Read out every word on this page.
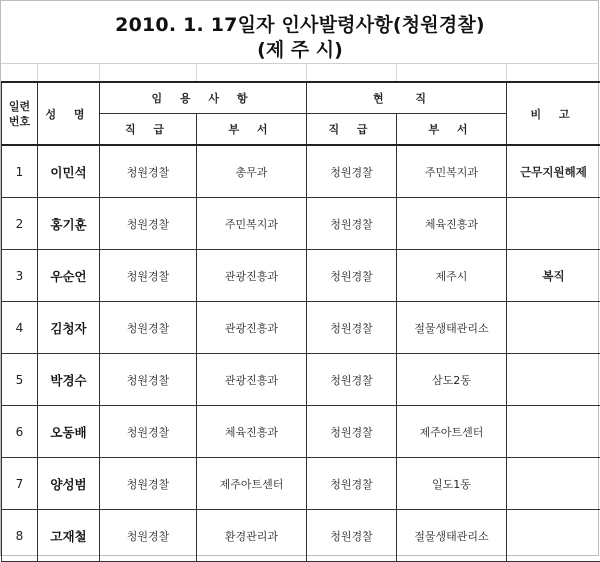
2010. 1. 17일자 인사발령사항(청원경찰)
(제 주 시)
일련
번호	성 명	임 용 사 항		현 직		비 고
		직 급	부 서	직 급	부 서	
1	이민석	청원경찰	총무과	청원경찰	주민복지과	근무지원해제
2	홍기훈	청원경찰	주민복지과	청원경찰	체육진흥과	
3	우순언	청원경찰	관광진흥과	청원경찰	제주시	복직
4	김청자	청원경찰	관광진흥과	청원경찰	절물생태관리소	
5	박경수	청원경찰	관광진흥과	청원경찰	삼도2동	
6	오동배	청원경찰	체육진흥과	청원경찰	제주아트센터	
7	양성범	청원경찰	제주아트센터	청원경찰	일도1동	
8	고재철	청원경찰	환경관리과	청원경찰	절물생태관리소	
